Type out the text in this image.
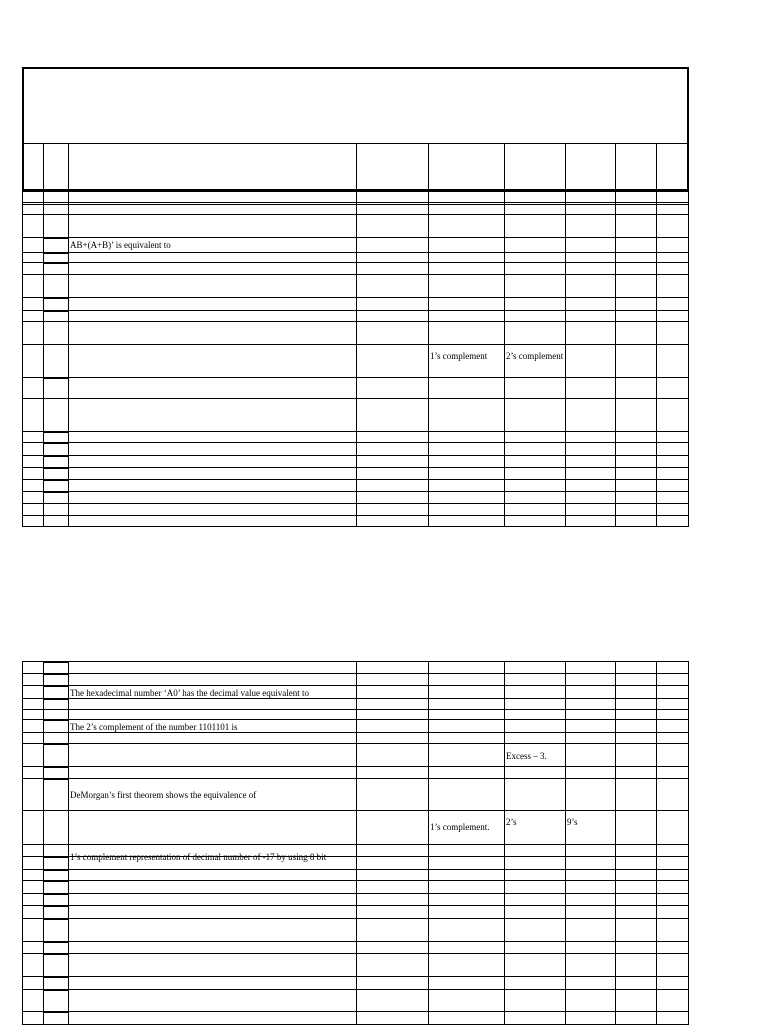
AB+(A+B)’ is equivalent to
1’s complement 2’s complement
The hexadecimal number ‘A0’ has the decimal value equivalent to
The 2’s complement of the number 1101101 is
Excess – 3.
DeMorgan’s first theorem shows the equivalence of
1’s complement. 2’s	9’s
1’s complement representation of decimal number of -17 by using 8 bit
